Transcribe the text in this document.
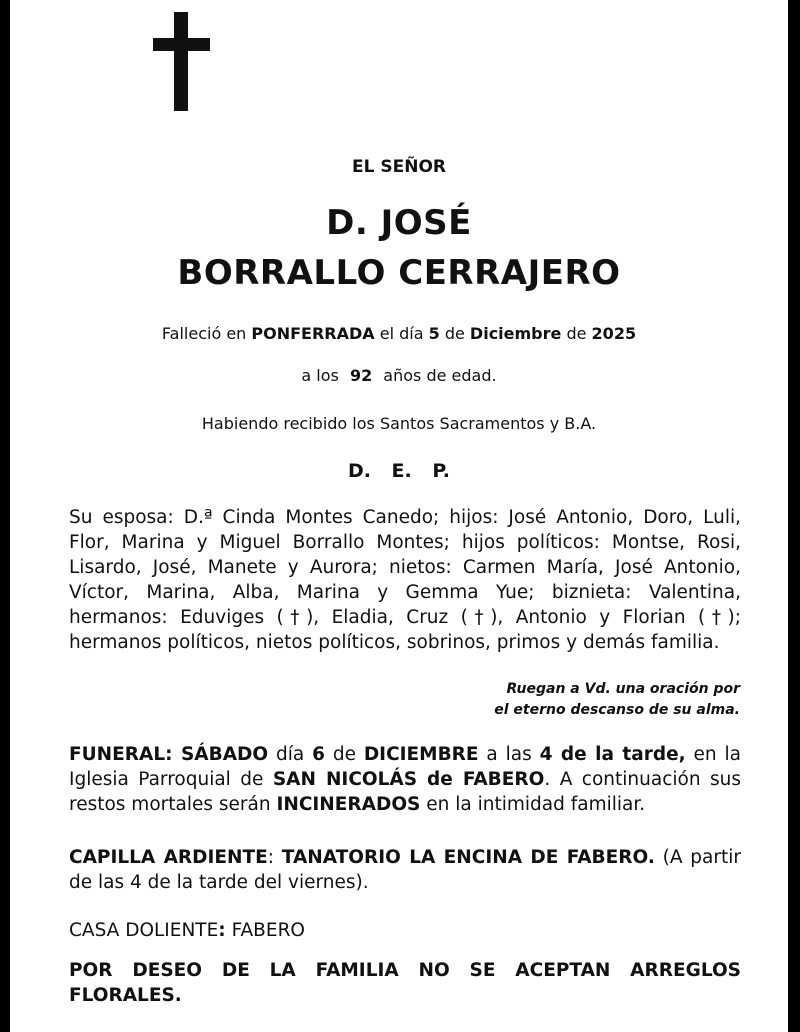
EL SEÑOR
D. JOSÉ
BORRALLO CERRAJERO
Falleció en PONFERRADA el día 5 de Diciembre de 2025
a los 92 años de edad.
Habiendo recibido los Santos Sacramentos y B.A.
D. E. P.
Su esposa: D.ª Cinda Montes Canedo; hijos: José Antonio, Doro, Luli, Flor, Marina y Miguel Borrallo Montes; hijos políticos: Montse, Rosi, Lisardo, José, Manete y Aurora; nietos: Carmen María, José Antonio, Víctor, Marina, Alba, Marina y Gemma Yue; biznieta: Valentina, hermanos: Eduviges (†), Eladia, Cruz (†), Antonio y Florian (†); hermanos políticos, nietos políticos, sobrinos, primos y demás familia.
Ruegan a Vd. una oración por
el eterno descanso de su alma.
FUNERAL: SÁBADO día 6 de DICIEMBRE a las 4 de la tarde, en la Iglesia Parroquial de SAN NICOLÁS de FABERO. A continuación sus restos mortales serán INCINERADOS en la intimidad familiar.
CAPILLA ARDIENTE: TANATORIO LA ENCINA DE FABERO. (A partir de las 4 de la tarde del viernes).
CASA DOLIENTE: FABERO
POR DESEO DE LA FAMILIA NO SE ACEPTAN ARREGLOS FLORALES.
